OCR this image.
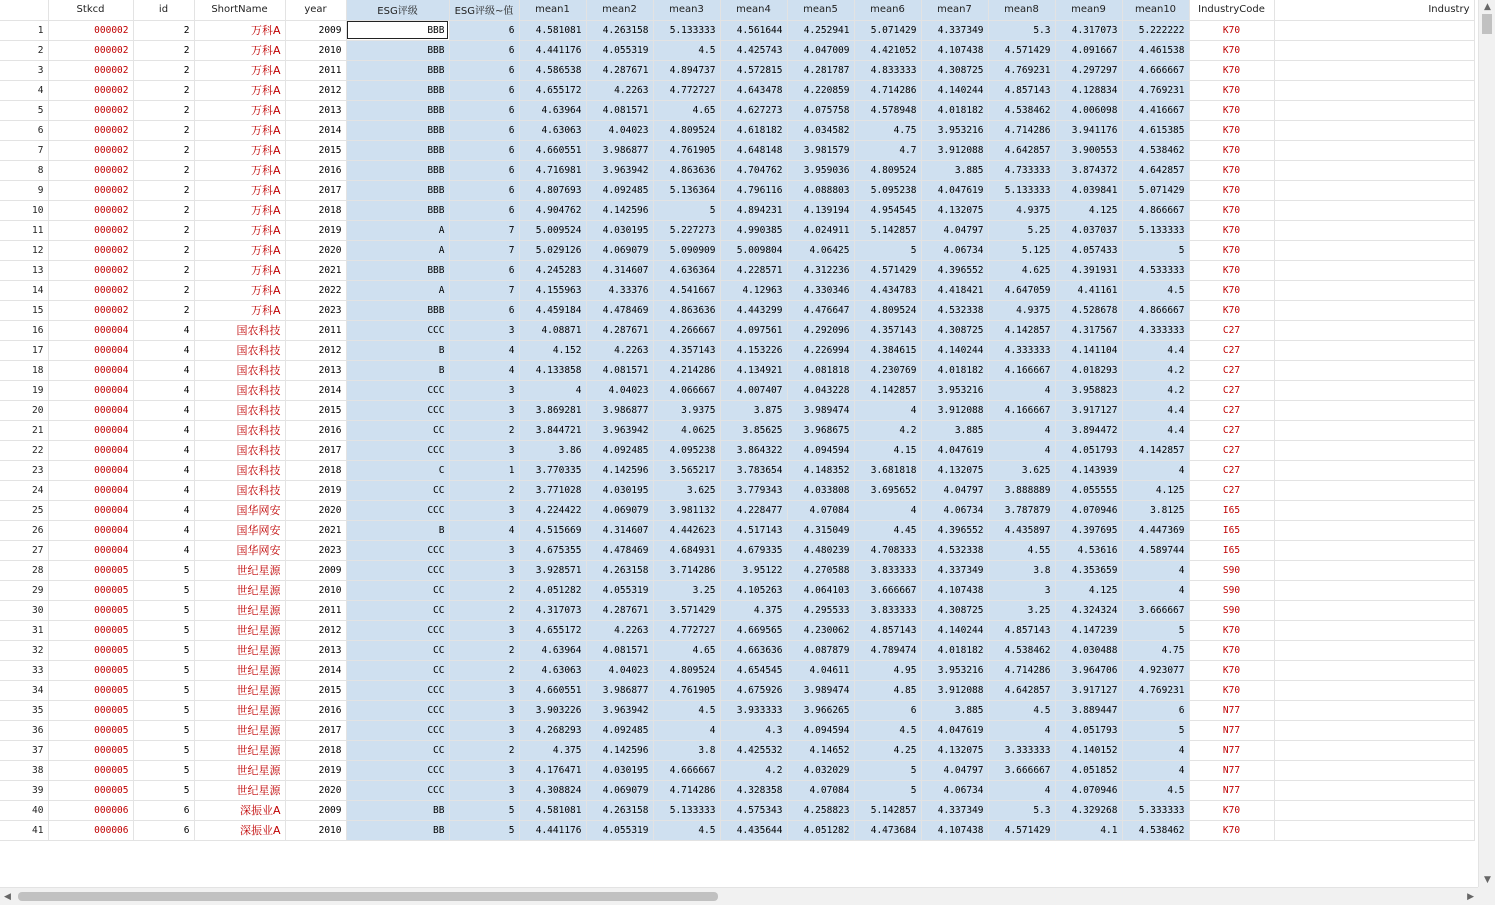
	Stkcd	id	ShortName	year	ESG评级	ESG评级~值	mean1	mean2	mean3	mean4	mean5	mean6	mean7	mean8	mean9	mean10	IndustryCode	Industry
1	000002	2	万科A	2009	BBB	6	4.581081	4.263158	5.133333	4.561644	4.252941	5.071429	4.337349	5.3	4.317073	5.222222	K70	
2	000002	2	万科A	2010	BBB	6	4.441176	4.055319	4.5	4.425743	4.047009	4.421052	4.107438	4.571429	4.091667	4.461538	K70	
3	000002	2	万科A	2011	BBB	6	4.586538	4.287671	4.894737	4.572815	4.281787	4.833333	4.308725	4.769231	4.297297	4.666667	K70	
4	000002	2	万科A	2012	BBB	6	4.655172	4.2263	4.772727	4.643478	4.220859	4.714286	4.140244	4.857143	4.128834	4.769231	K70	
5	000002	2	万科A	2013	BBB	6	4.63964	4.081571	4.65	4.627273	4.075758	4.578948	4.018182	4.538462	4.006098	4.416667	K70	
6	000002	2	万科A	2014	BBB	6	4.63063	4.04023	4.809524	4.618182	4.034582	4.75	3.953216	4.714286	3.941176	4.615385	K70	
7	000002	2	万科A	2015	BBB	6	4.660551	3.986877	4.761905	4.648148	3.981579	4.7	3.912088	4.642857	3.900553	4.538462	K70	
8	000002	2	万科A	2016	BBB	6	4.716981	3.963942	4.863636	4.704762	3.959036	4.809524	3.885	4.733333	3.874372	4.642857	K70	
9	000002	2	万科A	2017	BBB	6	4.807693	4.092485	5.136364	4.796116	4.088803	5.095238	4.047619	5.133333	4.039841	5.071429	K70	
10	000002	2	万科A	2018	BBB	6	4.904762	4.142596	5	4.894231	4.139194	4.954545	4.132075	4.9375	4.125	4.866667	K70	
11	000002	2	万科A	2019	A	7	5.009524	4.030195	5.227273	4.990385	4.024911	5.142857	4.04797	5.25	4.037037	5.133333	K70	
12	000002	2	万科A	2020	A	7	5.029126	4.069079	5.090909	5.009804	4.06425	5	4.06734	5.125	4.057433	5	K70	
13	000002	2	万科A	2021	BBB	6	4.245283	4.314607	4.636364	4.228571	4.312236	4.571429	4.396552	4.625	4.391931	4.533333	K70	
14	000002	2	万科A	2022	A	7	4.155963	4.33376	4.541667	4.12963	4.330346	4.434783	4.418421	4.647059	4.41161	4.5	K70	
15	000002	2	万科A	2023	BBB	6	4.459184	4.478469	4.863636	4.443299	4.476647	4.809524	4.532338	4.9375	4.528678	4.866667	K70	
16	000004	4	国农科技	2011	CCC	3	4.08871	4.287671	4.266667	4.097561	4.292096	4.357143	4.308725	4.142857	4.317567	4.333333	C27	
17	000004	4	国农科技	2012	B	4	4.152	4.2263	4.357143	4.153226	4.226994	4.384615	4.140244	4.333333	4.141104	4.4	C27	
18	000004	4	国农科技	2013	B	4	4.133858	4.081571	4.214286	4.134921	4.081818	4.230769	4.018182	4.166667	4.018293	4.2	C27	
19	000004	4	国农科技	2014	CCC	3	4	4.04023	4.066667	4.007407	4.043228	4.142857	3.953216	4	3.958823	4.2	C27	
20	000004	4	国农科技	2015	CCC	3	3.869281	3.986877	3.9375	3.875	3.989474	4	3.912088	4.166667	3.917127	4.4	C27	
21	000004	4	国农科技	2016	CC	2	3.844721	3.963942	4.0625	3.85625	3.968675	4.2	3.885	4	3.894472	4.4	C27	
22	000004	4	国农科技	2017	CCC	3	3.86	4.092485	4.095238	3.864322	4.094594	4.15	4.047619	4	4.051793	4.142857	C27	
23	000004	4	国农科技	2018	C	1	3.770335	4.142596	3.565217	3.783654	4.148352	3.681818	4.132075	3.625	4.143939	4	C27	
24	000004	4	国农科技	2019	CC	2	3.771028	4.030195	3.625	3.779343	4.033808	3.695652	4.04797	3.888889	4.055555	4.125	C27	
25	000004	4	国华网安	2020	CCC	3	4.224422	4.069079	3.981132	4.228477	4.07084	4	4.06734	3.787879	4.070946	3.8125	I65	
26	000004	4	国华网安	2021	B	4	4.515669	4.314607	4.442623	4.517143	4.315049	4.45	4.396552	4.435897	4.397695	4.447369	I65	
27	000004	4	国华网安	2023	CCC	3	4.675355	4.478469	4.684931	4.679335	4.480239	4.708333	4.532338	4.55	4.53616	4.589744	I65	
28	000005	5	世纪星源	2009	CCC	3	3.928571	4.263158	3.714286	3.95122	4.270588	3.833333	4.337349	3.8	4.353659	4	S90	
29	000005	5	世纪星源	2010	CC	2	4.051282	4.055319	3.25	4.105263	4.064103	3.666667	4.107438	3	4.125	4	S90	
30	000005	5	世纪星源	2011	CC	2	4.317073	4.287671	3.571429	4.375	4.295533	3.833333	4.308725	3.25	4.324324	3.666667	S90	
31	000005	5	世纪星源	2012	CCC	3	4.655172	4.2263	4.772727	4.669565	4.230062	4.857143	4.140244	4.857143	4.147239	5	K70	
32	000005	5	世纪星源	2013	CC	2	4.63964	4.081571	4.65	4.663636	4.087879	4.789474	4.018182	4.538462	4.030488	4.75	K70	
33	000005	5	世纪星源	2014	CC	2	4.63063	4.04023	4.809524	4.654545	4.04611	4.95	3.953216	4.714286	3.964706	4.923077	K70	
34	000005	5	世纪星源	2015	CCC	3	4.660551	3.986877	4.761905	4.675926	3.989474	4.85	3.912088	4.642857	3.917127	4.769231	K70	
35	000005	5	世纪星源	2016	CCC	3	3.903226	3.963942	4.5	3.933333	3.966265	6	3.885	4.5	3.889447	6	N77	
36	000005	5	世纪星源	2017	CCC	3	4.268293	4.092485	4	4.3	4.094594	4.5	4.047619	4	4.051793	5	N77	
37	000005	5	世纪星源	2018	CC	2	4.375	4.142596	3.8	4.425532	4.14652	4.25	4.132075	3.333333	4.140152	4	N77	
38	000005	5	世纪星源	2019	CCC	3	4.176471	4.030195	4.666667	4.2	4.032029	5	4.04797	3.666667	4.051852	4	N77	
39	000005	5	世纪星源	2020	CCC	3	4.308824	4.069079	4.714286	4.328358	4.07084	5	4.06734	4	4.070946	4.5	N77	
40	000006	6	深振业A	2009	BB	5	4.581081	4.263158	5.133333	4.575343	4.258823	5.142857	4.337349	5.3	4.329268	5.333333	K70	
41	000006	6	深振业A	2010	BB	5	4.441176	4.055319	4.5	4.435644	4.051282	4.473684	4.107438	4.571429	4.1	4.538462	K70	
▲
▼
◀	▶
